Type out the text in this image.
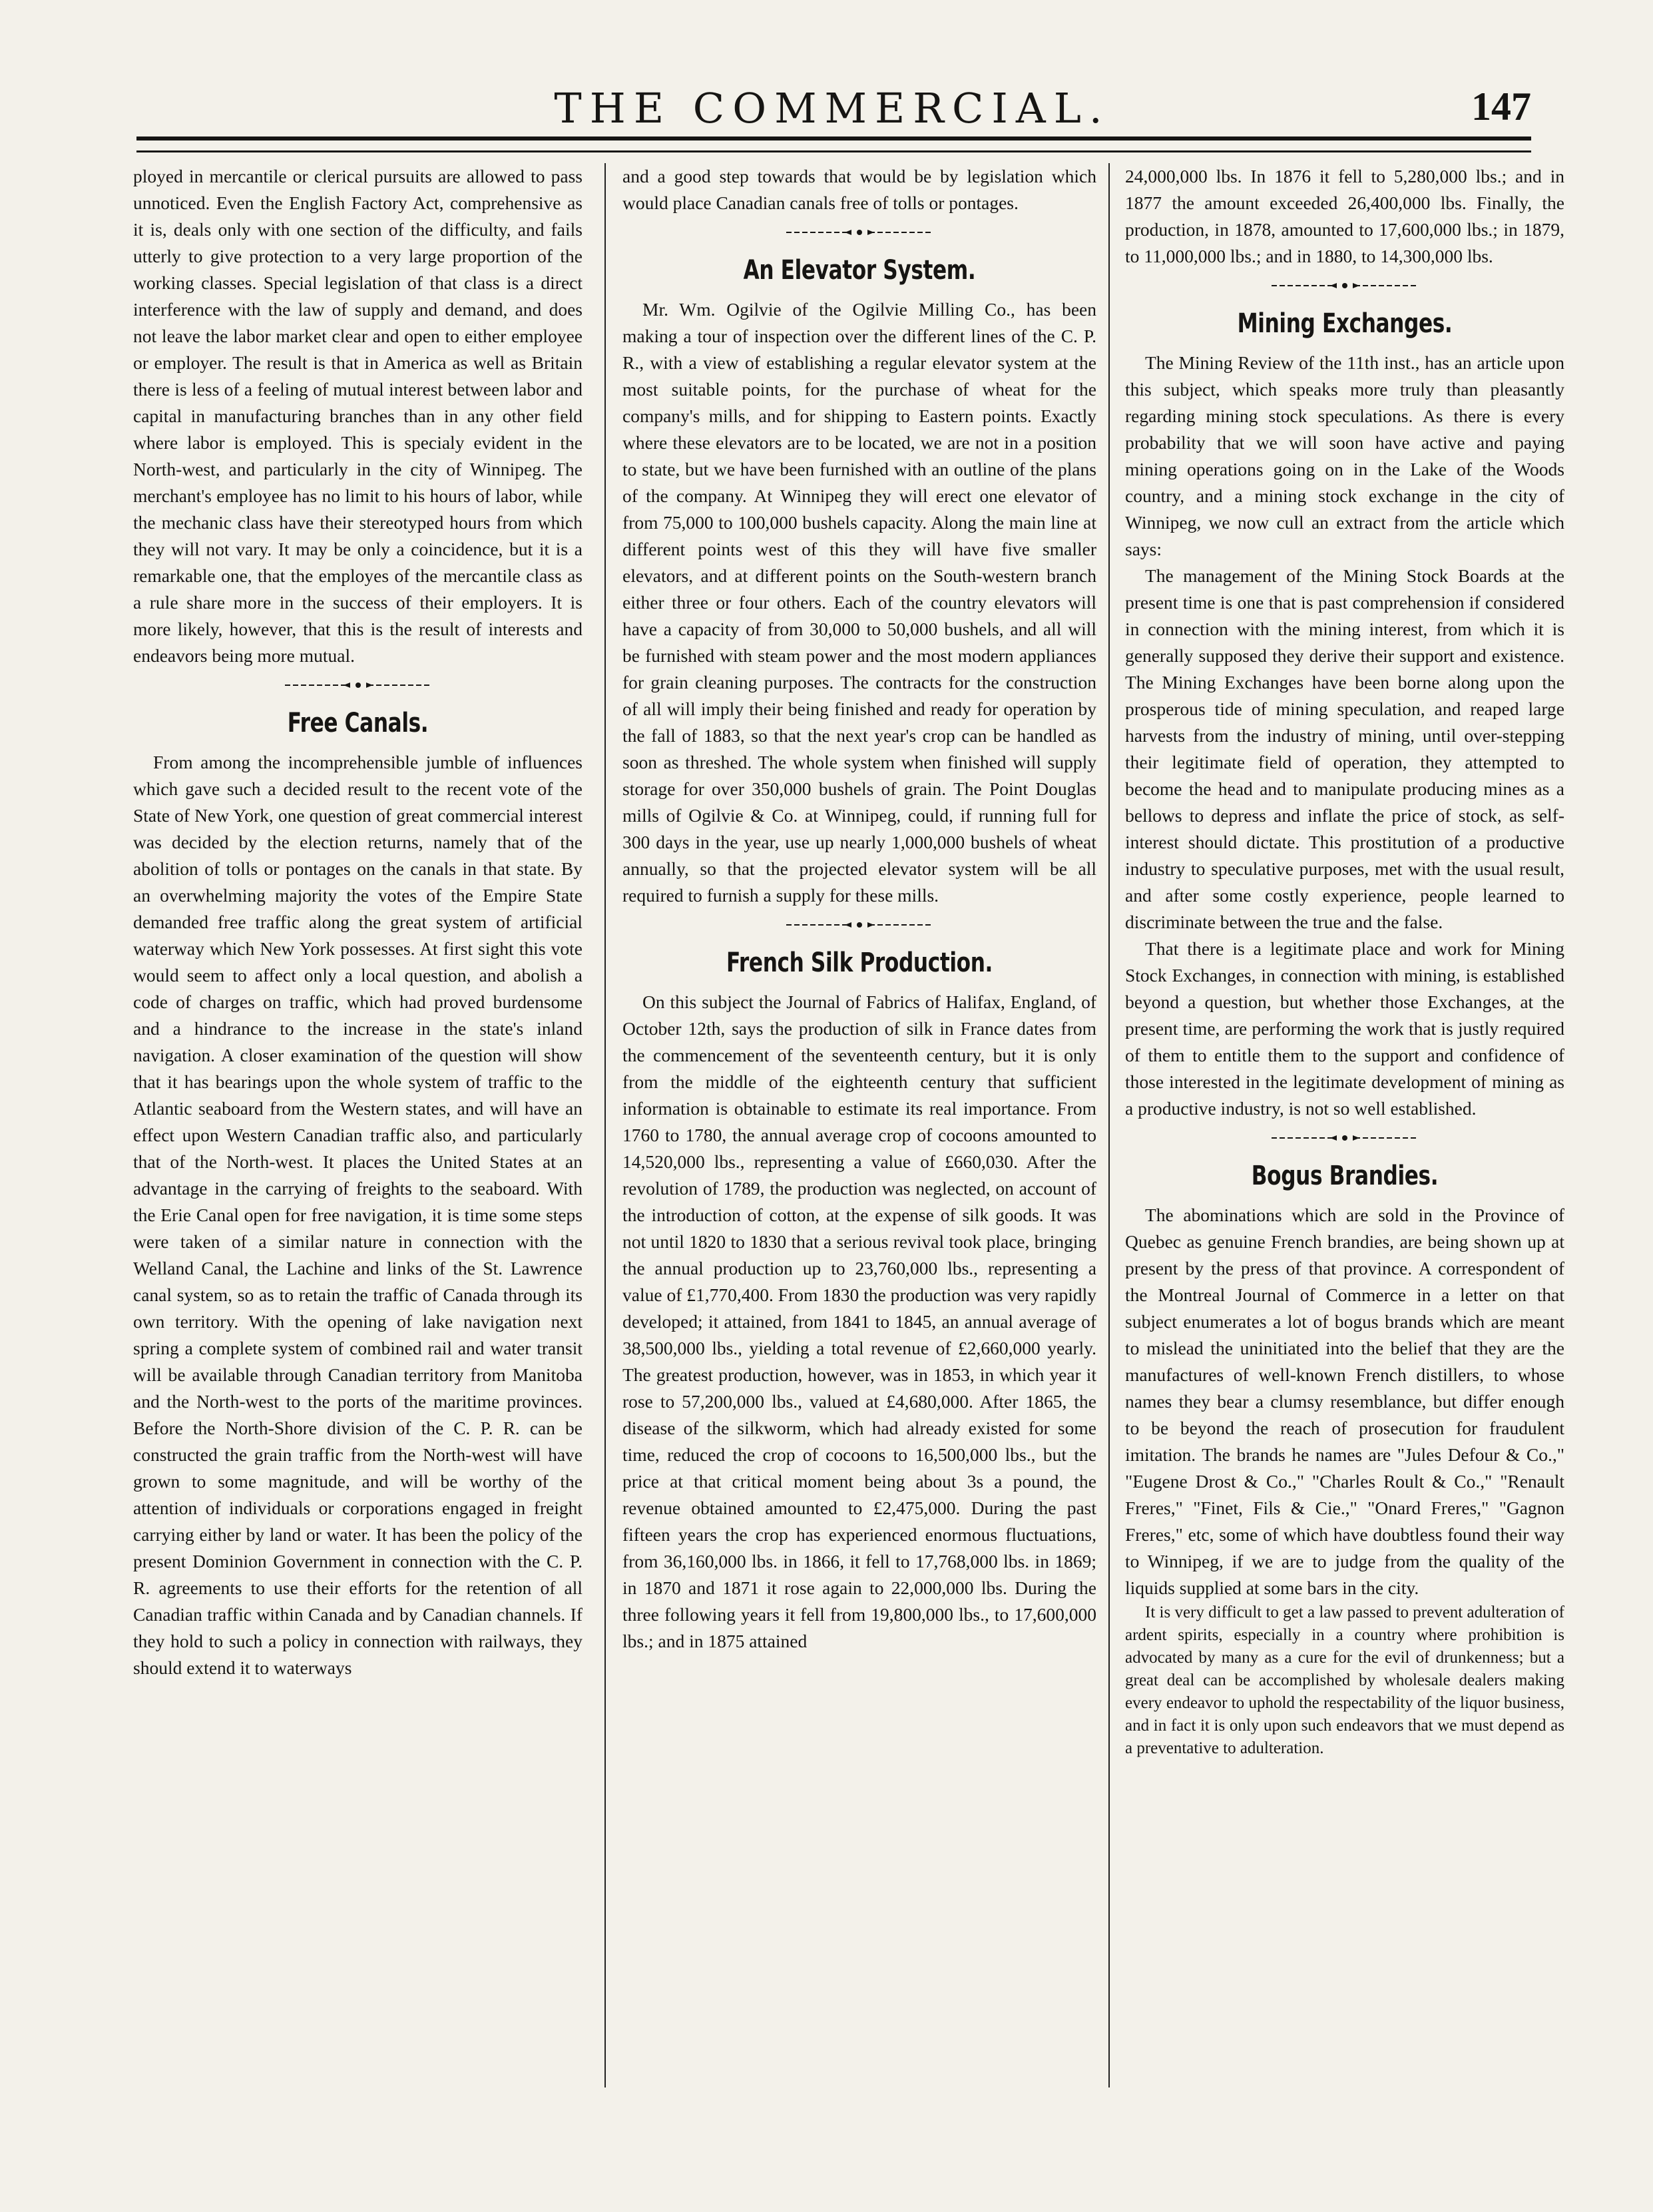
THE COMMERCIAL.	147

ployed in mercantile or clerical pursuits are allowed to pass unnoticed. Even the English Factory Act, comprehensive as it is, deals only with one section of the difficulty, and fails utterly to give protection to a very large proportion of the working classes. Special legislation of that class is a direct interference with the law of supply and demand, and does not leave the labor market clear and open to either employee or employer. The result is that in America as well as Britain there is less of a feeling of mutual interest between labor and capital in manufacturing branches than in any other field where labor is employed. This is specialy evident in the North-west, and particularly in the city of Winnipeg. The merchant's employee has no limit to his hours of labor, while the mechanic class have their stereotyped hours from which they will not vary. It may be only a coincidence, but it is a remarkable one, that the employes of the mercantile class as a rule share more in the success of their employers. It is more likely, however, that this is the result of interests and endeavors being more mutual.

Free Canals.

From among the incomprehensible jumble of influences which gave such a decided result to the recent vote of the State of New York, one question of great commercial interest was decided by the election returns, namely that of the abolition of tolls or pontages on the canals in that state. By an overwhelming majority the votes of the Empire State demanded free traffic along the great system of artificial waterway which New York possesses. At first sight this vote would seem to affect only a local question, and abolish a code of charges on traffic, which had proved burdensome and a hindrance to the increase in the state's inland navigation. A closer examination of the question will show that it has bearings upon the whole system of traffic to the Atlantic seaboard from the Western states, and will have an effect upon Western Canadian traffic also, and particularly that of the North-west. It places the United States at an advantage in the carrying of freights to the seaboard. With the Erie Canal open for free navigation, it is time some steps were taken of a similar nature in connection with the Welland Canal, the Lachine and links of the St. Lawrence canal system, so as to retain the traffic of Canada through its own territory. With the opening of lake navigation next spring a complete system of combined rail and water transit will be available through Canadian territory from Manitoba and the North-west to the ports of the maritime provinces. Before the North-Shore division of the C. P. R. can be constructed the grain traffic from the North-west will have grown to some magnitude, and will be worthy of the attention of individuals or corporations engaged in freight carrying either by land or water. It has been the policy of the present Dominion Government in connection with the C. P. R. agreements to use their efforts for the retention of all Canadian traffic within Canada and by Canadian channels. If they hold to such a policy in connection with railways, they should extend it to waterways

and a good step towards that would be by legislation which would place Canadian canals free of tolls or pontages.

An Elevator System.

Mr. Wm. Ogilvie of the Ogilvie Milling Co., has been making a tour of inspection over the different lines of the C. P. R., with a view of establishing a regular elevator system at the most suitable points, for the purchase of wheat for the company's mills, and for shipping to Eastern points. Exactly where these elevators are to be located, we are not in a position to state, but we have been furnished with an outline of the plans of the company. At Winnipeg they will erect one elevator of from 75,000 to 100,000 bushels capacity. Along the main line at different points west of this they will have five smaller elevators, and at different points on the South-western branch either three or four others. Each of the country elevators will have a capacity of from 30,000 to 50,000 bushels, and all will be furnished with steam power and the most modern appliances for grain cleaning purposes. The contracts for the construction of all will imply their being finished and ready for operation by the fall of 1883, so that the next year's crop can be handled as soon as threshed. The whole system when finished will supply storage for over 350,000 bushels of grain. The Point Douglas mills of Ogilvie & Co. at Winnipeg, could, if running full for 300 days in the year, use up nearly 1,000,000 bushels of wheat annually, so that the projected elevator system will be all required to furnish a supply for these mills.

French Silk Production.

On this subject the Journal of Fabrics of Halifax, England, of October 12th, says the production of silk in France dates from the commencement of the seventeenth century, but it is only from the middle of the eighteenth century that sufficient information is obtainable to estimate its real importance. From 1760 to 1780, the annual average crop of cocoons amounted to 14,520,000 lbs., representing a value of £660,030. After the revolution of 1789, the production was neglected, on account of the introduction of cotton, at the expense of silk goods. It was not until 1820 to 1830 that a serious revival took place, bringing the annual production up to 23,760,000 lbs., representing a value of £1,770,400. From 1830 the production was very rapidly developed; it attained, from 1841 to 1845, an annual average of 38,500,000 lbs., yielding a total revenue of £2,660,000 yearly. The greatest production, however, was in 1853, in which year it rose to 57,200,000 lbs., valued at £4,680,000. After 1865, the disease of the silkworm, which had already existed for some time, reduced the crop of cocoons to 16,500,000 lbs., but the price at that critical moment being about 3s a pound, the revenue obtained amounted to £2,475,000. During the past fifteen years the crop has experienced enormous fluctuations, from 36,160,000 lbs. in 1866, it fell to 17,768,000 lbs. in 1869; in 1870 and 1871 it rose again to 22,000,000 lbs. During the three following years it fell from 19,800,000 lbs., to 17,600,000 lbs.; and in 1875 attained

24,000,000 lbs. In 1876 it fell to 5,280,000 lbs.; and in 1877 the amount exceeded 26,400,000 lbs. Finally, the production, in 1878, amounted to 17,600,000 lbs.; in 1879, to 11,000,000 lbs.; and in 1880, to 14,300,000 lbs.

Mining Exchanges.

The Mining Review of the 11th inst., has an article upon this subject, which speaks more truly than pleasantly regarding mining stock speculations. As there is every probability that we will soon have active and paying mining operations going on in the Lake of the Woods country, and a mining stock exchange in the city of Winnipeg, we now cull an extract from the article which says:

The management of the Mining Stock Boards at the present time is one that is past comprehension if considered in connection with the mining interest, from which it is generally supposed they derive their support and existence. The Mining Exchanges have been borne along upon the prosperous tide of mining speculation, and reaped large harvests from the industry of mining, until over-stepping their legitimate field of operation, they attempted to become the head and to manipulate producing mines as a bellows to depress and inflate the price of stock, as self-interest should dictate. This prostitution of a productive industry to speculative purposes, met with the usual result, and after some costly experience, people learned to discriminate between the true and the false.

That there is a legitimate place and work for Mining Stock Exchanges, in connection with mining, is established beyond a question, but whether those Exchanges, at the present time, are performing the work that is justly required of them to entitle them to the support and confidence of those interested in the legitimate development of mining as a productive industry, is not so well established.

Bogus Brandies.

The abominations which are sold in the Province of Quebec as genuine French brandies, are being shown up at present by the press of that province. A correspondent of the Montreal Journal of Commerce in a letter on that subject enumerates a lot of bogus brands which are meant to mislead the uninitiated into the belief that they are the manufactures of well-known French distillers, to whose names they bear a clumsy resemblance, but differ enough to be beyond the reach of prosecution for fraudulent imitation. The brands he names are "Jules Defour & Co.," "Eugene Drost & Co.," "Charles Roult & Co.," "Renault Freres," "Finet, Fils & Cie.," "Onard Freres," "Gagnon Freres," etc, some of which have doubtless found their way to Winnipeg, if we are to judge from the quality of the liquids supplied at some bars in the city.

It is very difficult to get a law passed to prevent adulteration of ardent spirits, especially in a country where prohibition is advocated by many as a cure for the evil of drunkenness; but a great deal can be accomplished by wholesale dealers making every endeavor to uphold the respectability of the liquor business, and in fact it is only upon such endeavors that we must depend as a preventative to adulteration.
